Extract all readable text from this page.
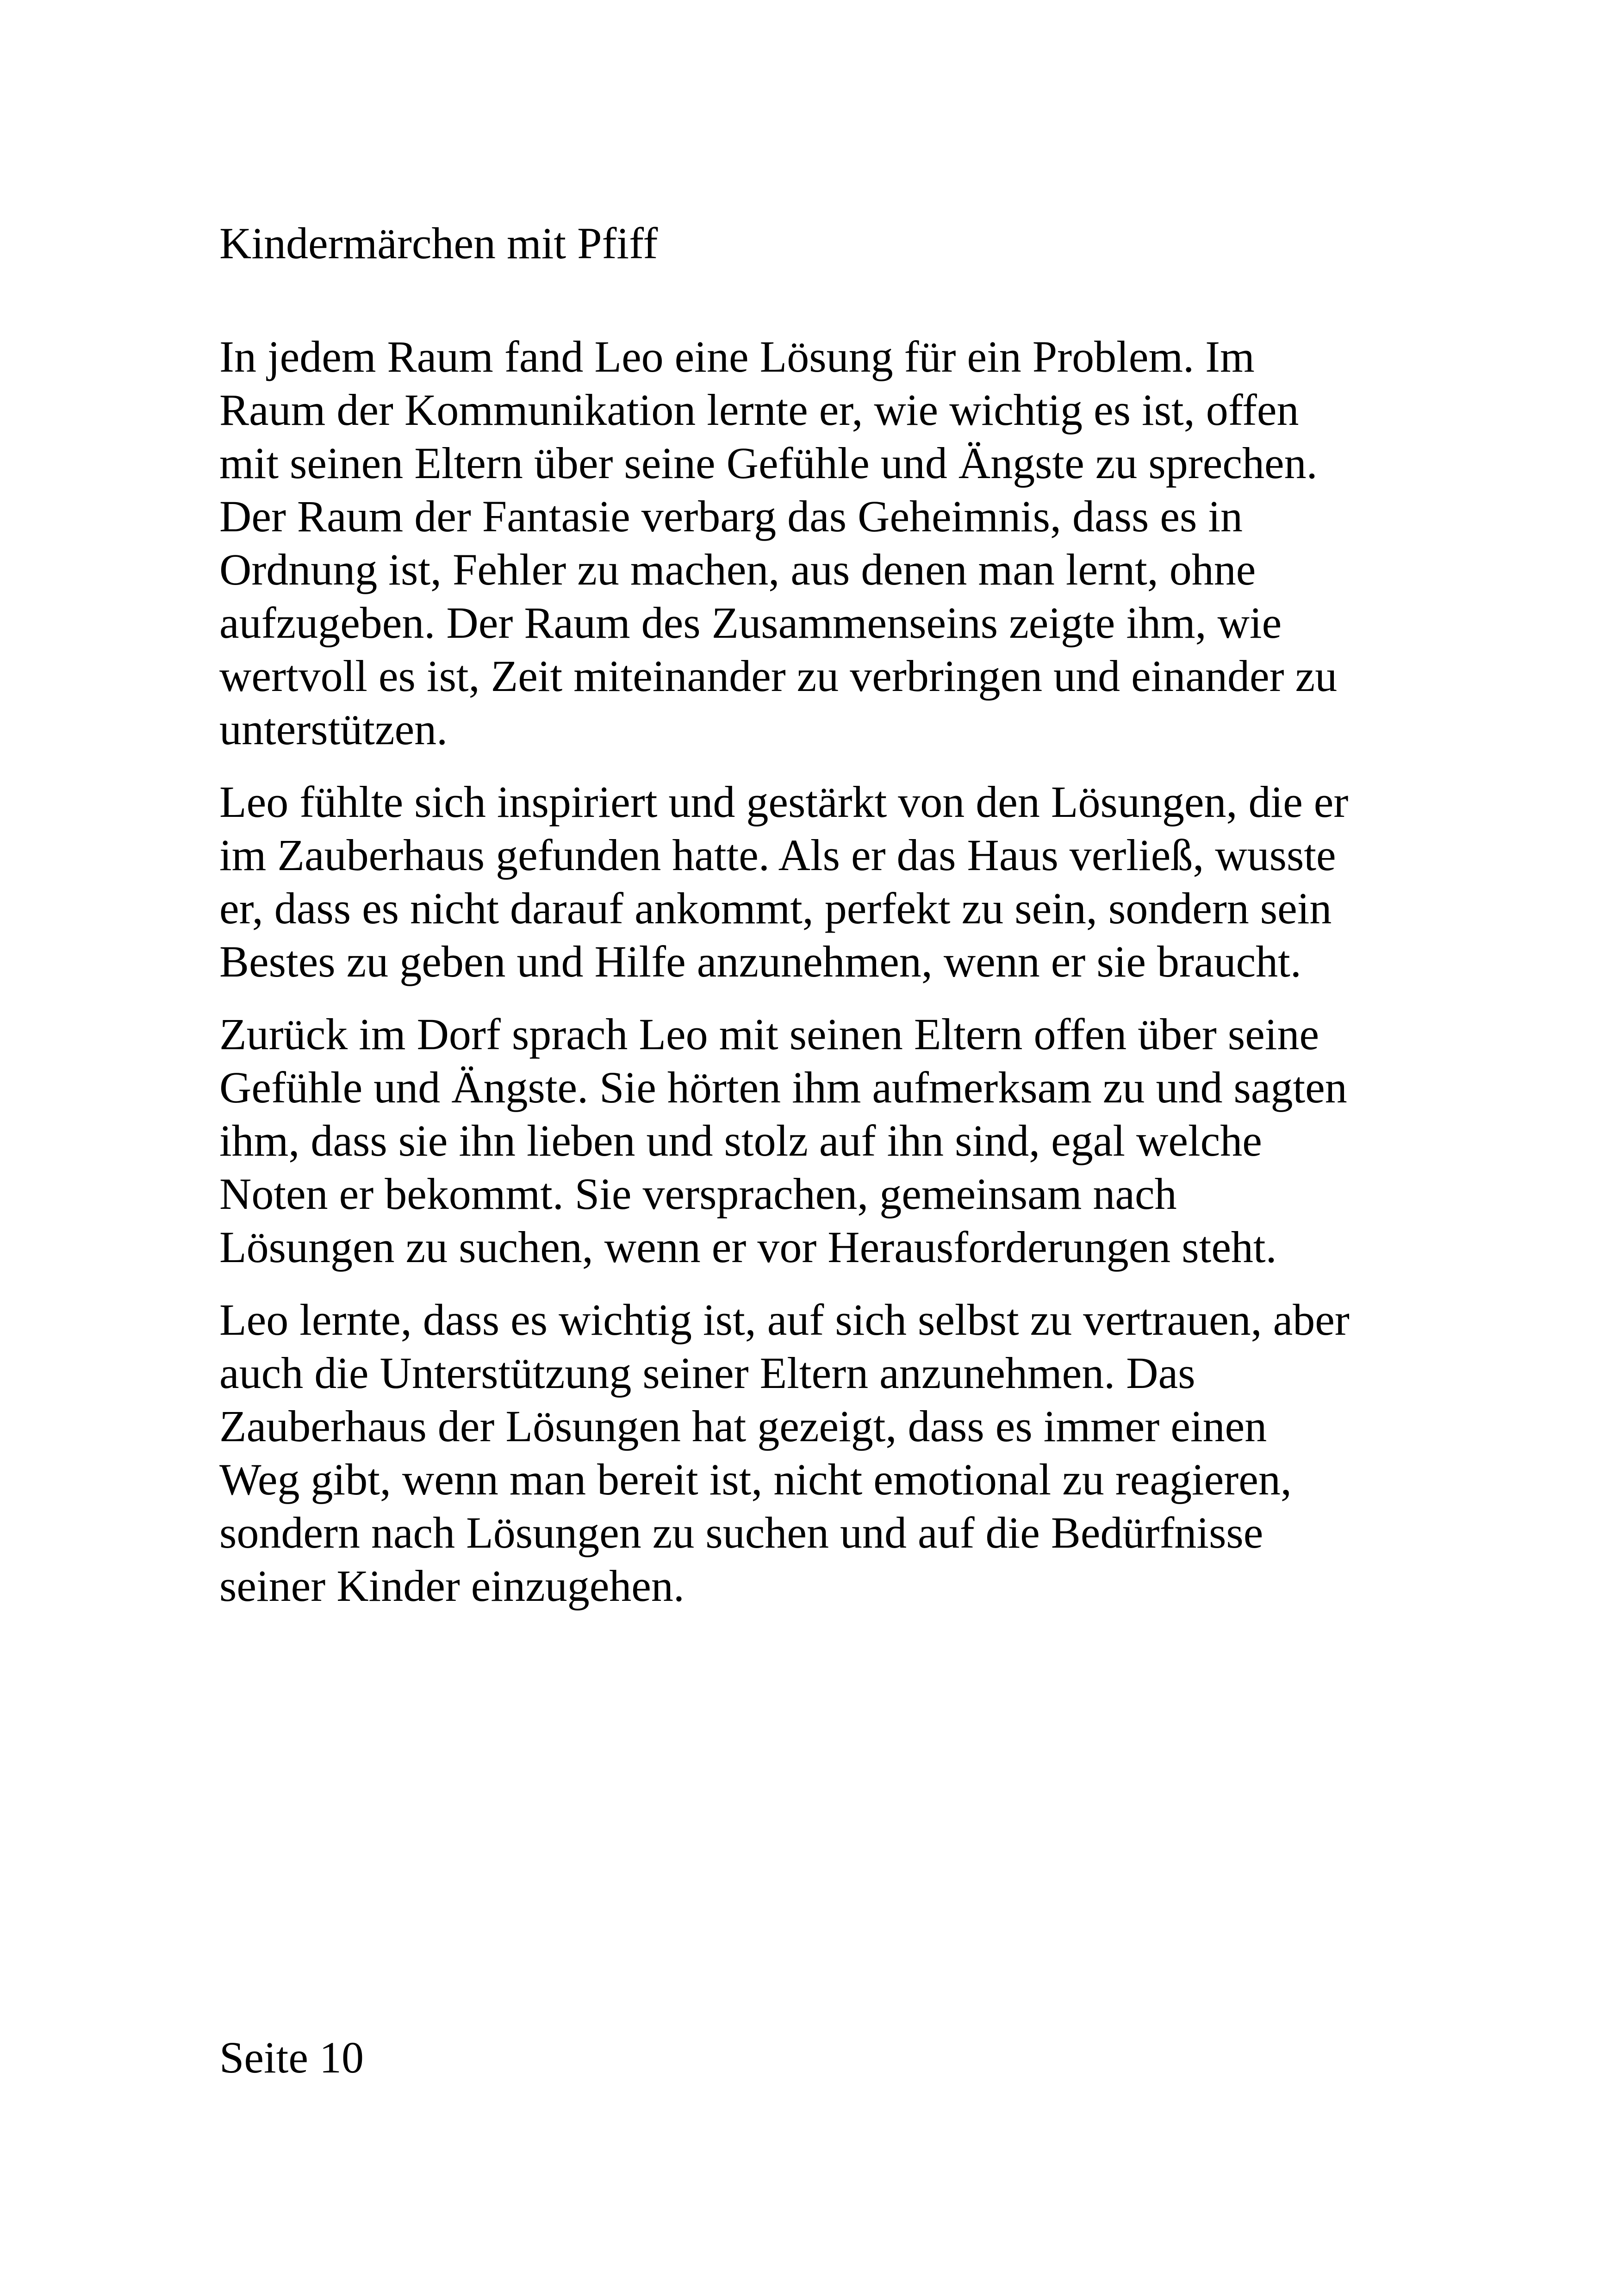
Kindermärchen mit Pfiff

In jedem Raum fand Leo eine Lösung für ein Problem. Im
Raum der Kommunikation lernte er, wie wichtig es ist, offen
mit seinen Eltern über seine Gefühle und Ängste zu sprechen.
Der Raum der Fantasie verbarg das Geheimnis, dass es in
Ordnung ist, Fehler zu machen, aus denen man lernt, ohne
aufzugeben. Der Raum des Zusammenseins zeigte ihm, wie
wertvoll es ist, Zeit miteinander zu verbringen und einander zu
unterstützen.

Leo fühlte sich inspiriert und gestärkt von den Lösungen, die er
im Zauberhaus gefunden hatte. Als er das Haus verließ, wusste
er, dass es nicht darauf ankommt, perfekt zu sein, sondern sein
Bestes zu geben und Hilfe anzunehmen, wenn er sie braucht.

Zurück im Dorf sprach Leo mit seinen Eltern offen über seine
Gefühle und Ängste. Sie hörten ihm aufmerksam zu und sagten
ihm, dass sie ihn lieben und stolz auf ihn sind, egal welche
Noten er bekommt. Sie versprachen, gemeinsam nach
Lösungen zu suchen, wenn er vor Herausforderungen steht.

Leo lernte, dass es wichtig ist, auf sich selbst zu vertrauen, aber
auch die Unterstützung seiner Eltern anzunehmen. Das
Zauberhaus der Lösungen hat gezeigt, dass es immer einen
Weg gibt, wenn man bereit ist, nicht emotional zu reagieren,
sondern nach Lösungen zu suchen und auf die Bedürfnisse
seiner Kinder einzugehen.

Seite 10
